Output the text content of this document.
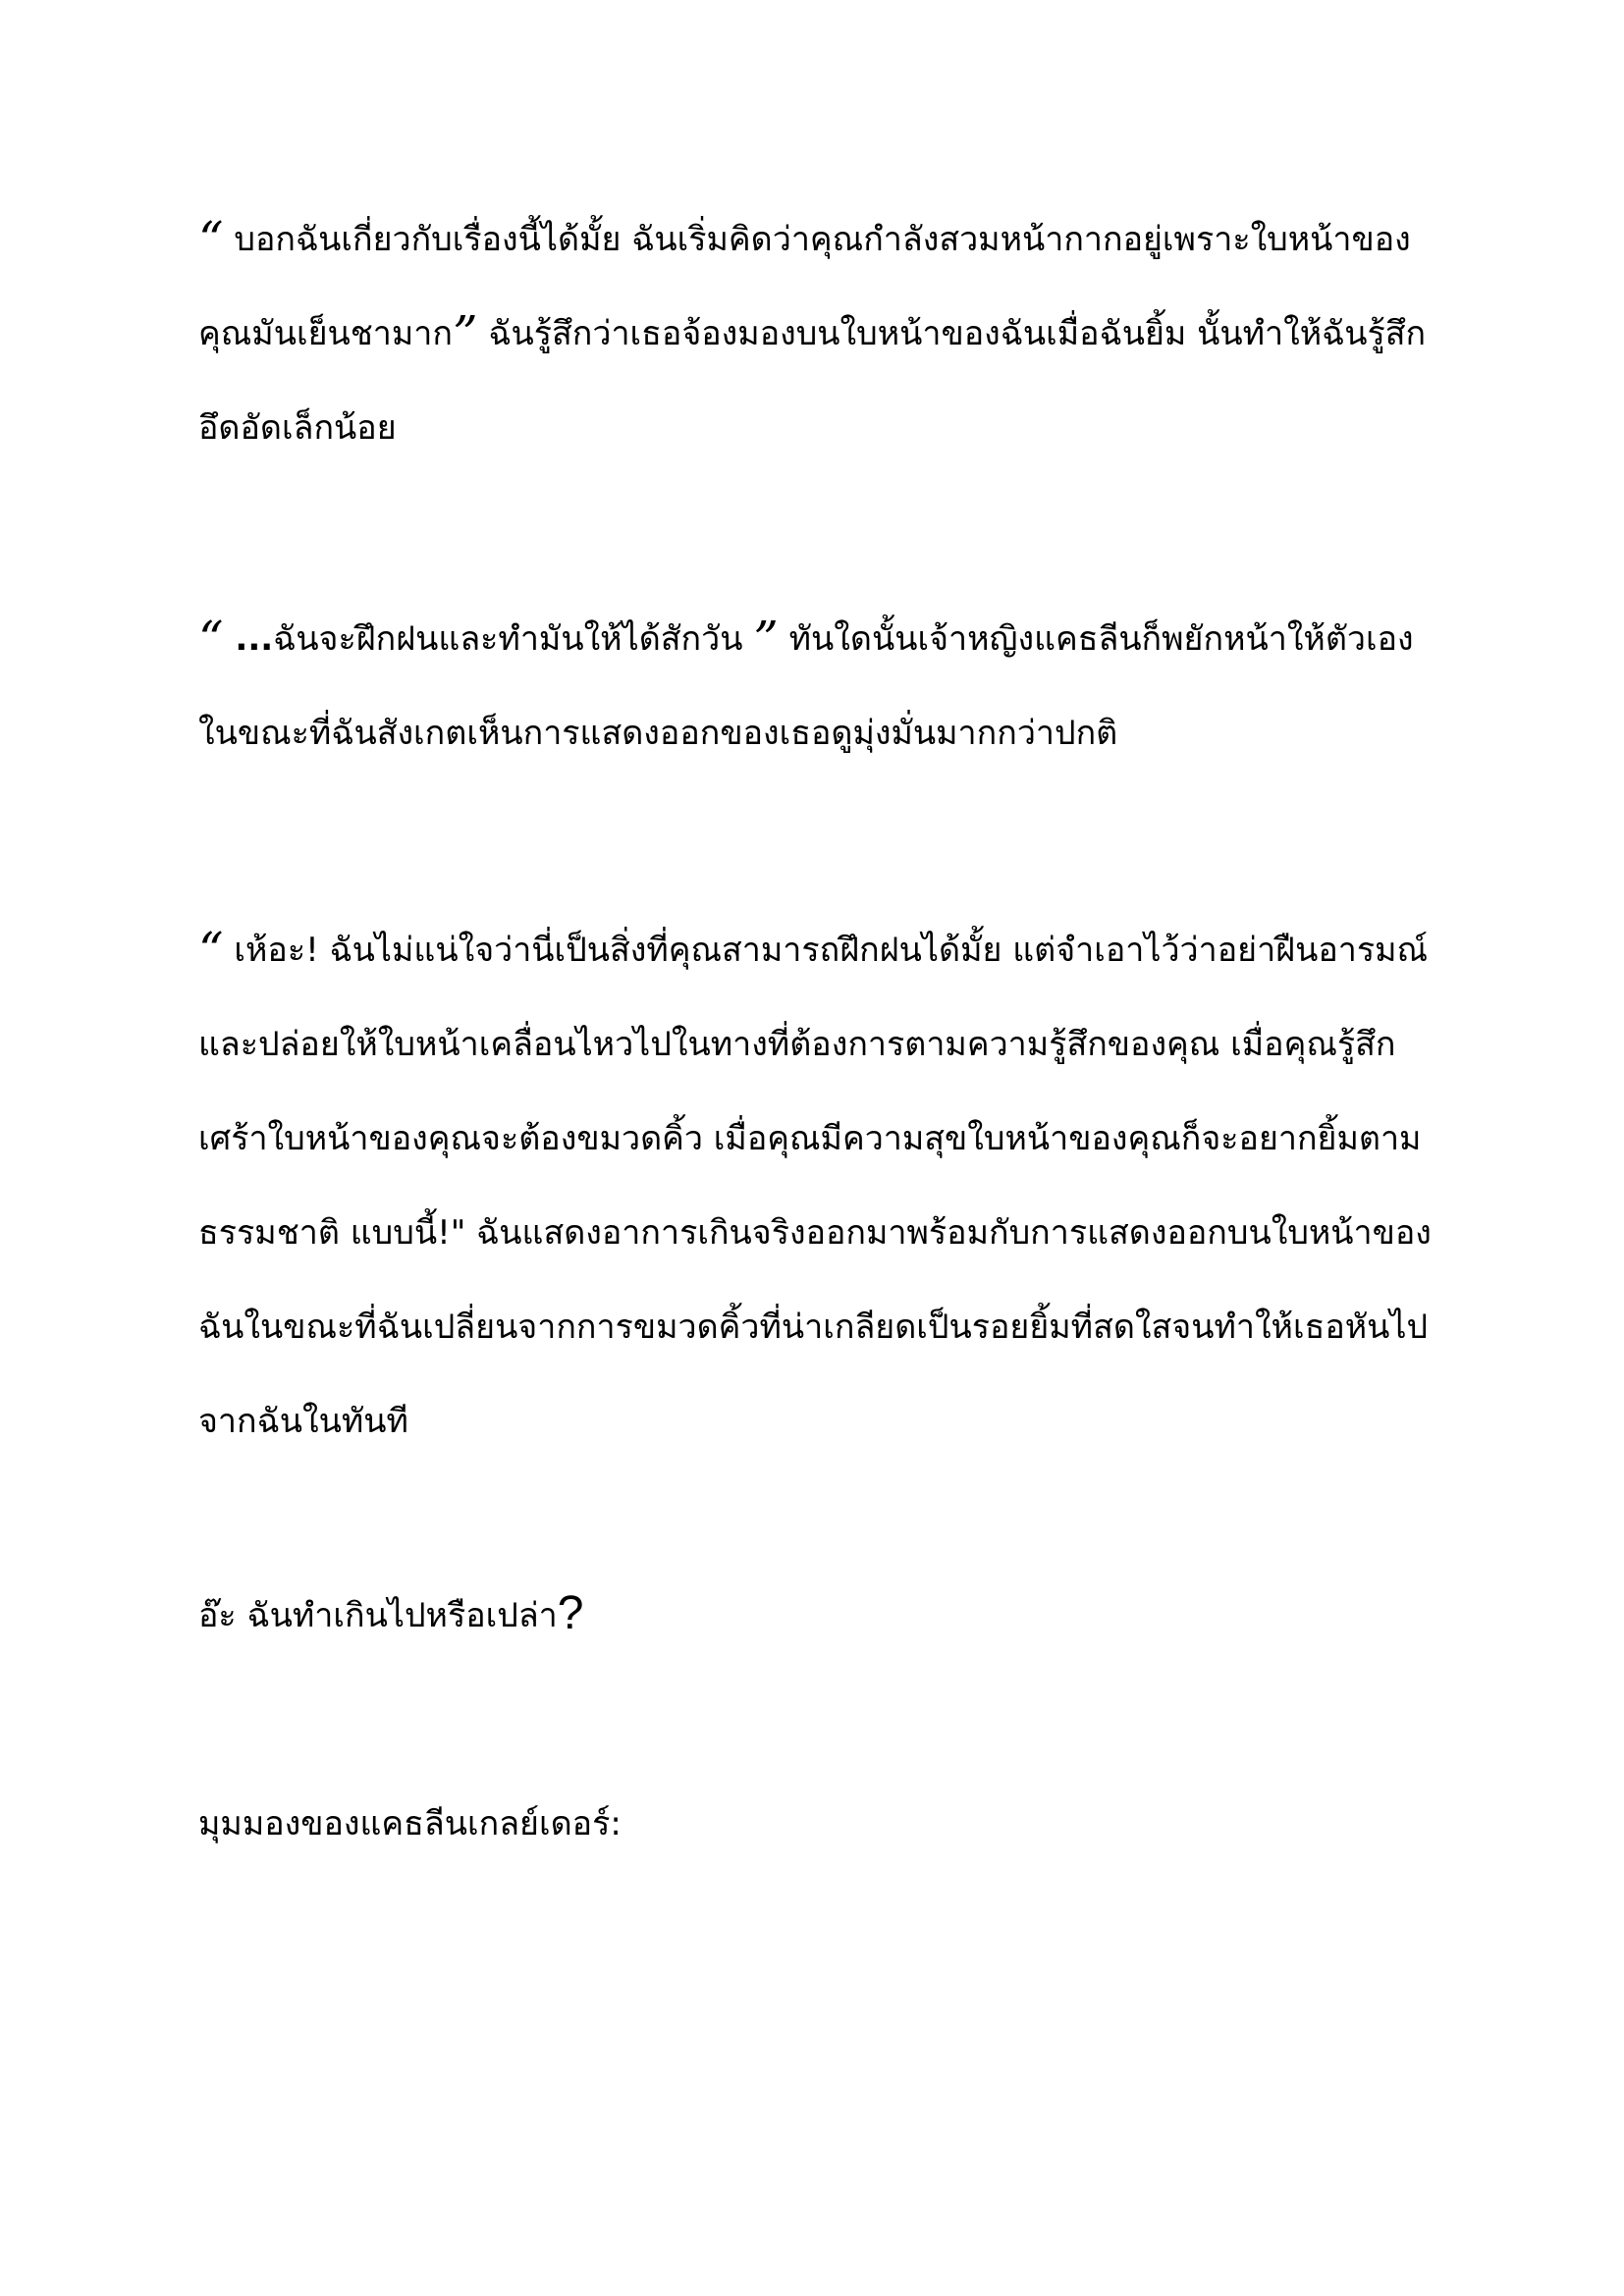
“ บอกฉันเกี่ยวกับเรื่องนี้ได้มั้ย ฉันเริ่มคิดว่าคุณกำลังสวมหน้ากากอยู่เพราะใบหน้าของคุณมันเย็นชามาก” ฉันรู้สึกว่าเธอจ้องมองบนใบหน้าของฉันเมื่อฉันยิ้ม นั้นทำให้ฉันรู้สึกอึดอัดเล็กน้อย

“ ...ฉันจะฝึกฝนและทำมันให้ได้สักวัน ” ทันใดนั้นเจ้าหญิงแคธลีนก็พยักหน้าให้ตัวเองในขณะที่ฉันสังเกตเห็นการแสดงออกของเธอดูมุ่งมั่นมากกว่าปกติ

“ เห้อะ! ฉันไม่แน่ใจว่านี่เป็นสิ่งที่คุณสามารถฝึกฝนได้มั้ย แต่จำเอาไว้ว่าอย่าฝืนอารมณ์และปล่อยให้ใบหน้าเคลื่อนไหวไปในทางที่ต้องการตามความรู้สึกของคุณ เมื่อคุณรู้สึกเศร้าใบหน้าของคุณจะต้องขมวดคิ้ว เมื่อคุณมีความสุขใบหน้าของคุณก็จะอยากยิ้มตามธรรมชาติ แบบนี้!" ฉันแสดงอาการเกินจริงออกมาพร้อมกับการแสดงออกบนใบหน้าของฉันในขณะที่ฉันเปลี่ยนจากการขมวดคิ้วที่น่าเกลียดเป็นรอยยิ้มที่สดใสจนทำให้เธอหันไปจากฉันในทันที

อ๊ะ ฉันทำเกินไปหรือเปล่า?

มุมมองของแคธลีนเกลย์เดอร์:
